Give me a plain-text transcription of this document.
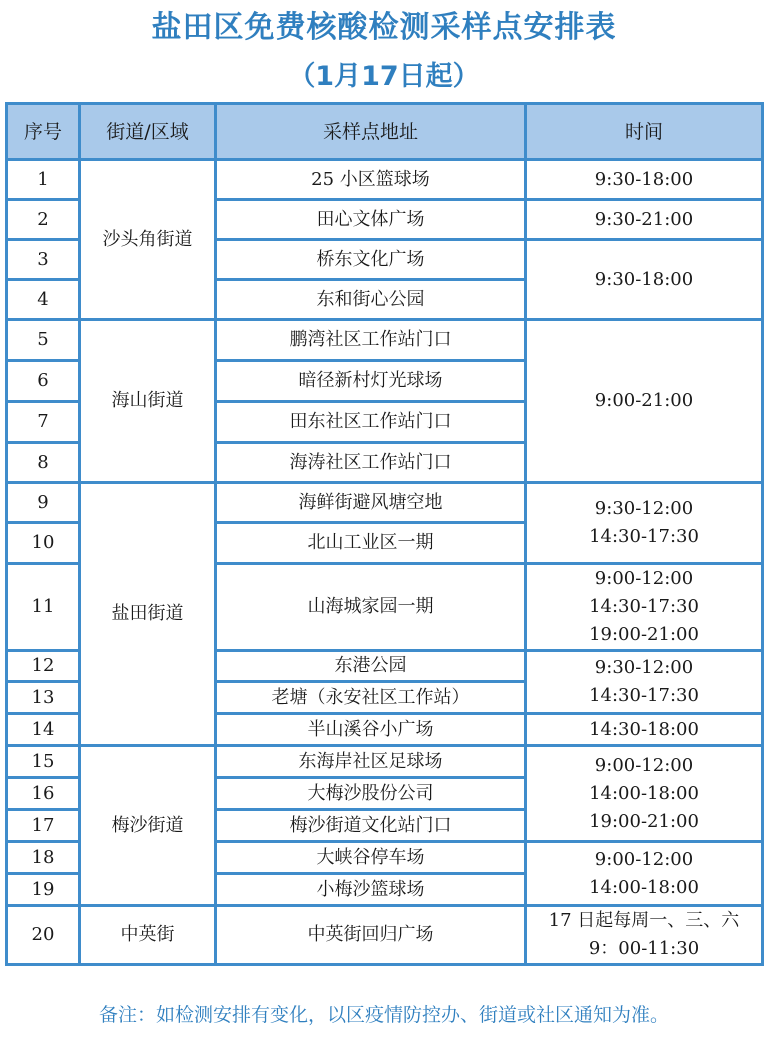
盐田区免费核酸检测采样点安排表
（1月17日起）
序号	街道/区域	采样点地址	时间
1	沙头角街道	25 小区篮球场	9:30-18:00

2		田心文体广场	9:30-21:00

3		桥东文化广场	9:30-18:00

4		东和街心公园	
5	海山街道	鹏湾社区工作站门口	9:00-21:00

6		暗径新村灯光球场	
7		田东社区工作站门口	
8		海涛社区工作站门口	
9	盐田街道	海鲜街避风塘空地	9:30-12:00
14:30-17:30

10		北山工业区一期	
11		山海城家园一期	9:00-12:00
14:30-17:30
19:00-21:00

12		东港公园	9:30-12:00
14:30-17:30

13		老塘（永安社区工作站）	
14		半山溪谷小广场	14:30-18:00

15	梅沙街道	东海岸社区足球场	9:00-12:00
14:00-18:00
19:00-21:00

16		大梅沙股份公司	
17		梅沙街道文化站门口	
18		大峡谷停车场	9:00-12:00
14:00-18:00

19		小梅沙篮球场	
20	中英街	中英街回归广场	17 日起每周一、三、六
9：00-11:30
备注：如检测安排有变化，以区疫情防控办、街道或社区通知为准。
